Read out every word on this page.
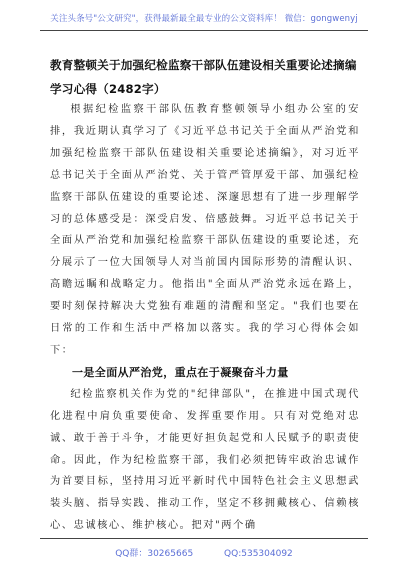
关注头条号"公文研究"，获得最新最全最专业的公文资料库！ 微信：gongwenyj
教育整顿关于加强纪检监察干部队伍建设相关重要论述摘编学习心得（2482字）

根据纪检监察干部队伍教育整顿领导小组办公室的安排，我近期认真学习了《习近平总书记关于全面从严治党和加强纪检监察干部队伍建设相关重要论述摘编》，对习近平总书记关于全面从严治党、关于管严管厚爱干部、加强纪检监察干部队伍建设的重要论述、深邃思想有了进一步理解学习的总体感受是：深受启发、倍感鼓舞。习近平总书记关于全面从严治党和加强纪检监察干部队伍建设的重要论述，充分展示了一位大国领导人对当前国内国际形势的清醒认识、高瞻远瞩和战略定力。他指出"全面从严治党永远在路上，要时刻保持解决大党独有难题的清醒和坚定。"我们也要在日常的工作和生活中严格加以落实。我的学习心得体会如下：

一是全面从严治党，重点在于凝聚奋斗力量

纪检监察机关作为党的"纪律部队"，在推进中国式现代化进程中肩负重要使命、发挥重要作用。只有对党绝对忠诚、敢于善于斗争，才能更好担负起党和人民赋予的职责使命。因此，作为纪检监察干部，我们必须把铸牢政治忠诚作为首要目标，坚持用习近平新时代中国特色社会主义思想武装头脑、指导实践、推动工作，坚定不移拥戴核心、信赖核心、忠诚核心、维护核心。把对"两个确

QQ群：30265665	QQ:535304092
